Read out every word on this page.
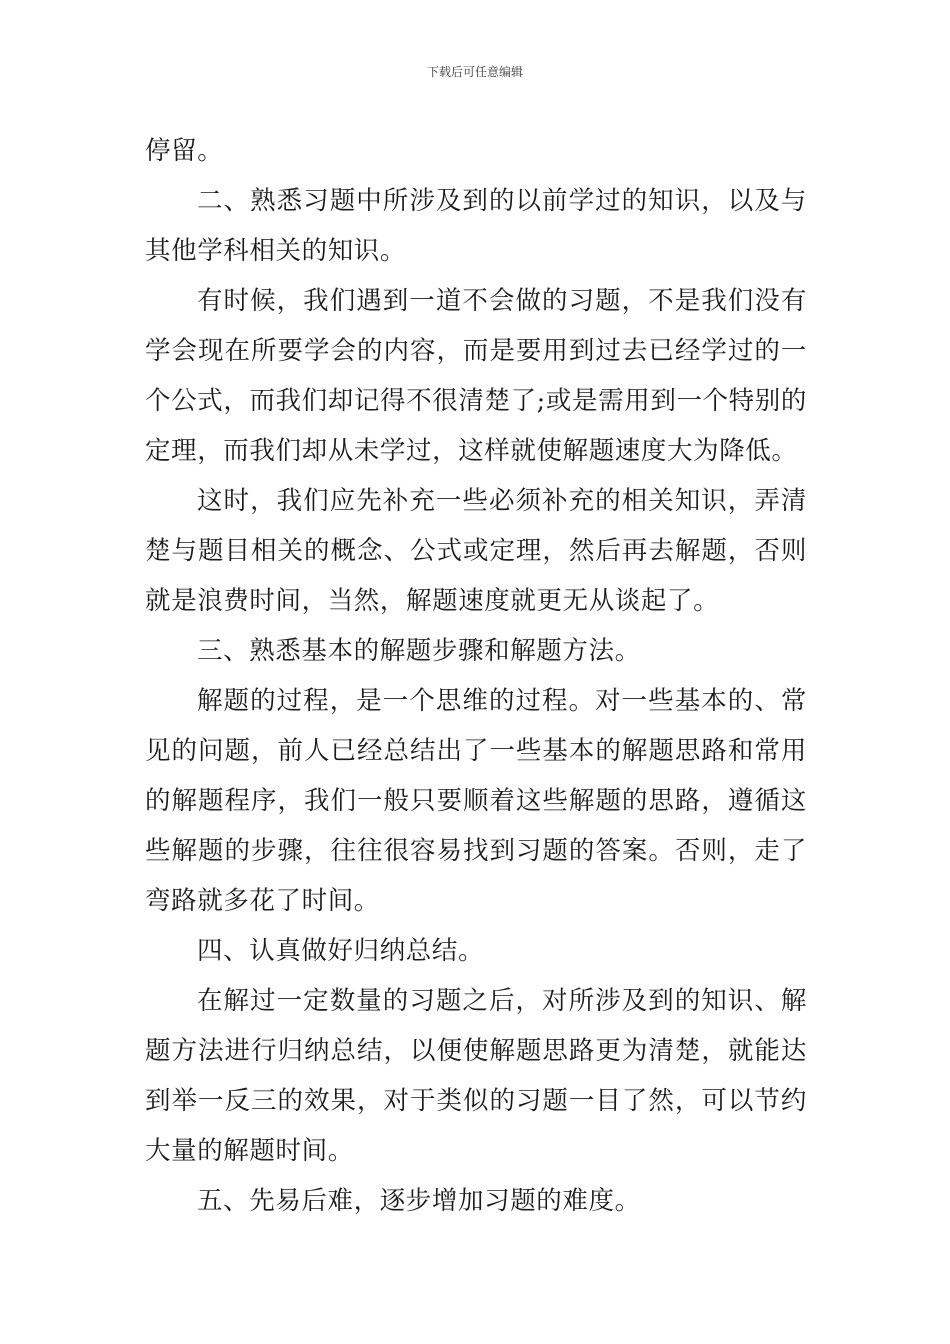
下载后可任意编辑

停留。

二、熟悉习题中所涉及到的以前学过的知识，以及与其他学科相关的知识。

有时候，我们遇到一道不会做的习题，不是我们没有学会现在所要学会的内容，而是要用到过去已经学过的一个公式，而我们却记得不很清楚了;或是需用到一个特别的定理，而我们却从未学过，这样就使解题速度大为降低。

这时，我们应先补充一些必须补充的相关知识，弄清楚与题目相关的概念、公式或定理，然后再去解题，否则就是浪费时间，当然，解题速度就更无从谈起了。

三、熟悉基本的解题步骤和解题方法。

解题的过程，是一个思维的过程。对一些基本的、常见的问题，前人已经总结出了一些基本的解题思路和常用的解题程序，我们一般只要顺着这些解题的思路，遵循这些解题的步骤，往往很容易找到习题的答案。否则，走了弯路就多花了时间。

四、认真做好归纳总结。

在解过一定数量的习题之后，对所涉及到的知识、解题方法进行归纳总结，以便使解题思路更为清楚，就能达到举一反三的效果，对于类似的习题一目了然，可以节约大量的解题时间。

五、先易后难，逐步增加习题的难度。
